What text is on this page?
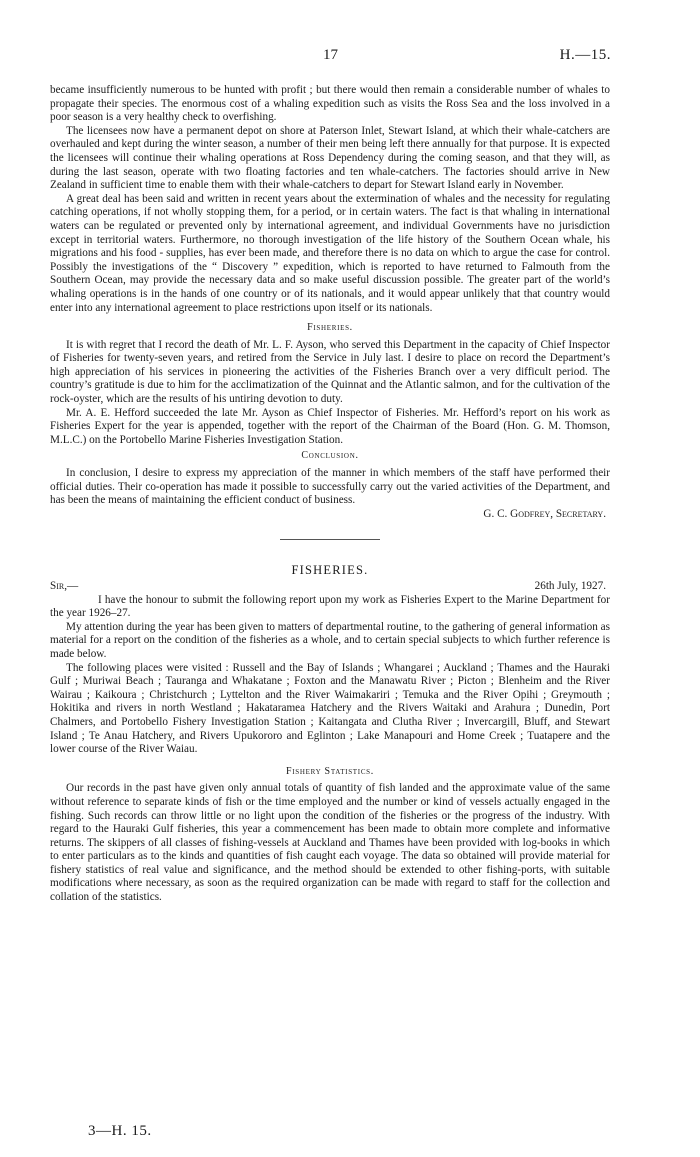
17	H.—15.

became insufficiently numerous to be hunted with profit ; but there would then remain a considerable number of whales to propagate their species. The enormous cost of a whaling expedition such as visits the Ross Sea and the loss involved in a poor season is a very healthy check to overfishing.

The licensees now have a permanent depot on shore at Paterson Inlet, Stewart Island, at which their whale-catchers are overhauled and kept during the winter season, a number of their men being left there annually for that purpose. It is expected the licensees will continue their whaling operations at Ross Dependency during the coming season, and that they will, as during the last season, operate with two floating factories and ten whale-catchers. The factories should arrive in New Zealand in sufficient time to enable them with their whale-catchers to depart for Stewart Island early in November.

A great deal has been said and written in recent years about the extermination of whales and the necessity for regulating catching operations, if not wholly stopping them, for a period, or in certain waters. The fact is that whaling in international waters can be regulated or prevented only by international agreement, and individual Governments have no jurisdiction except in territorial waters. Furthermore, no thorough investigation of the life history of the Southern Ocean whale, his migrations and his food - supplies, has ever been made, and therefore there is no data on which to argue the case for control. Possibly the investigations of the “ Discovery ” expedition, which is reported to have returned to Falmouth from the Southern Ocean, may provide the necessary data and so make useful discussion possible. The greater part of the world’s whaling operations is in the hands of one country or of its nationals, and it would appear unlikely that that country would enter into any international agreement to place restrictions upon itself or its nationals.

Fisheries.

It is with regret that I record the death of Mr. L. F. Ayson, who served this Department in the capacity of Chief Inspector of Fisheries for twenty-seven years, and retired from the Service in July last. I desire to place on record the Department’s high appreciation of his services in pioneering the activities of the Fisheries Branch over a very difficult period. The country’s gratitude is due to him for the acclimatization of the Quinnat and the Atlantic salmon, and for the cultivation of the rock-oyster, which are the results of his untiring devotion to duty.

Mr. A. E. Hefford succeeded the late Mr. Ayson as Chief Inspector of Fisheries. Mr. Hefford’s report on his work as Fisheries Expert for the year is appended, together with the report of the Chairman of the Board (Hon. G. M. Thomson, M.L.C.) on the Portobello Marine Fisheries Investigation Station.

Conclusion.

In conclusion, I desire to express my appreciation of the manner in which members of the staff have performed their official duties. Their co-operation has made it possible to successfully carry out the varied activities of the Department, and has been the means of maintaining the efficient conduct of business.

G. C. Godfrey, Secretary.

FISHERIES.
Sir,—	26th July, 1927.

I have the honour to submit the following report upon my work as Fisheries Expert to the Marine Department for the year 1926–27.

My attention during the year has been given to matters of departmental routine, to the gathering of general information as material for a report on the condition of the fisheries as a whole, and to certain special subjects to which further reference is made below.

The following places were visited : Russell and the Bay of Islands ; Whangarei ; Auckland ; Thames and the Hauraki Gulf ; Muriwai Beach ; Tauranga and Whakatane ; Foxton and the Manawatu River ; Picton ; Blenheim and the River Wairau ; Kaikoura ; Christchurch ; Lyttelton and the River Waimakariri ; Temuka and the River Opihi ; Greymouth ; Hokitika and rivers in north Westland ; Hakataramea Hatchery and the Rivers Waitaki and Arahura ; Dunedin, Port Chalmers, and Portobello Fishery Investigation Station ; Kaitangata and Clutha River ; Invercargill, Bluff, and Stewart Island ; Te Anau Hatchery, and Rivers Upukororo and Eglinton ; Lake Manapouri and Home Creek ; Tuatapere and the lower course of the River Waiau.

Fishery Statistics.

Our records in the past have given only annual totals of quantity of fish landed and the approximate value of the same without reference to separate kinds of fish or the time employed and the number or kind of vessels actually engaged in the fishing. Such records can throw little or no light upon the condition of the fisheries or the progress of the industry. With regard to the Hauraki Gulf fisheries, this year a commencement has been made to obtain more complete and informative returns. The skippers of all classes of fishing-vessels at Auckland and Thames have been provided with log-books in which to enter particulars as to the kinds and quantities of fish caught each voyage. The data so obtained will provide material for fishery statistics of real value and significance, and the method should be extended to other fishing-ports, with suitable modifications where necessary, as soon as the required organization can be made with regard to staff for the collection and collation of the statistics.

3—H. 15.
